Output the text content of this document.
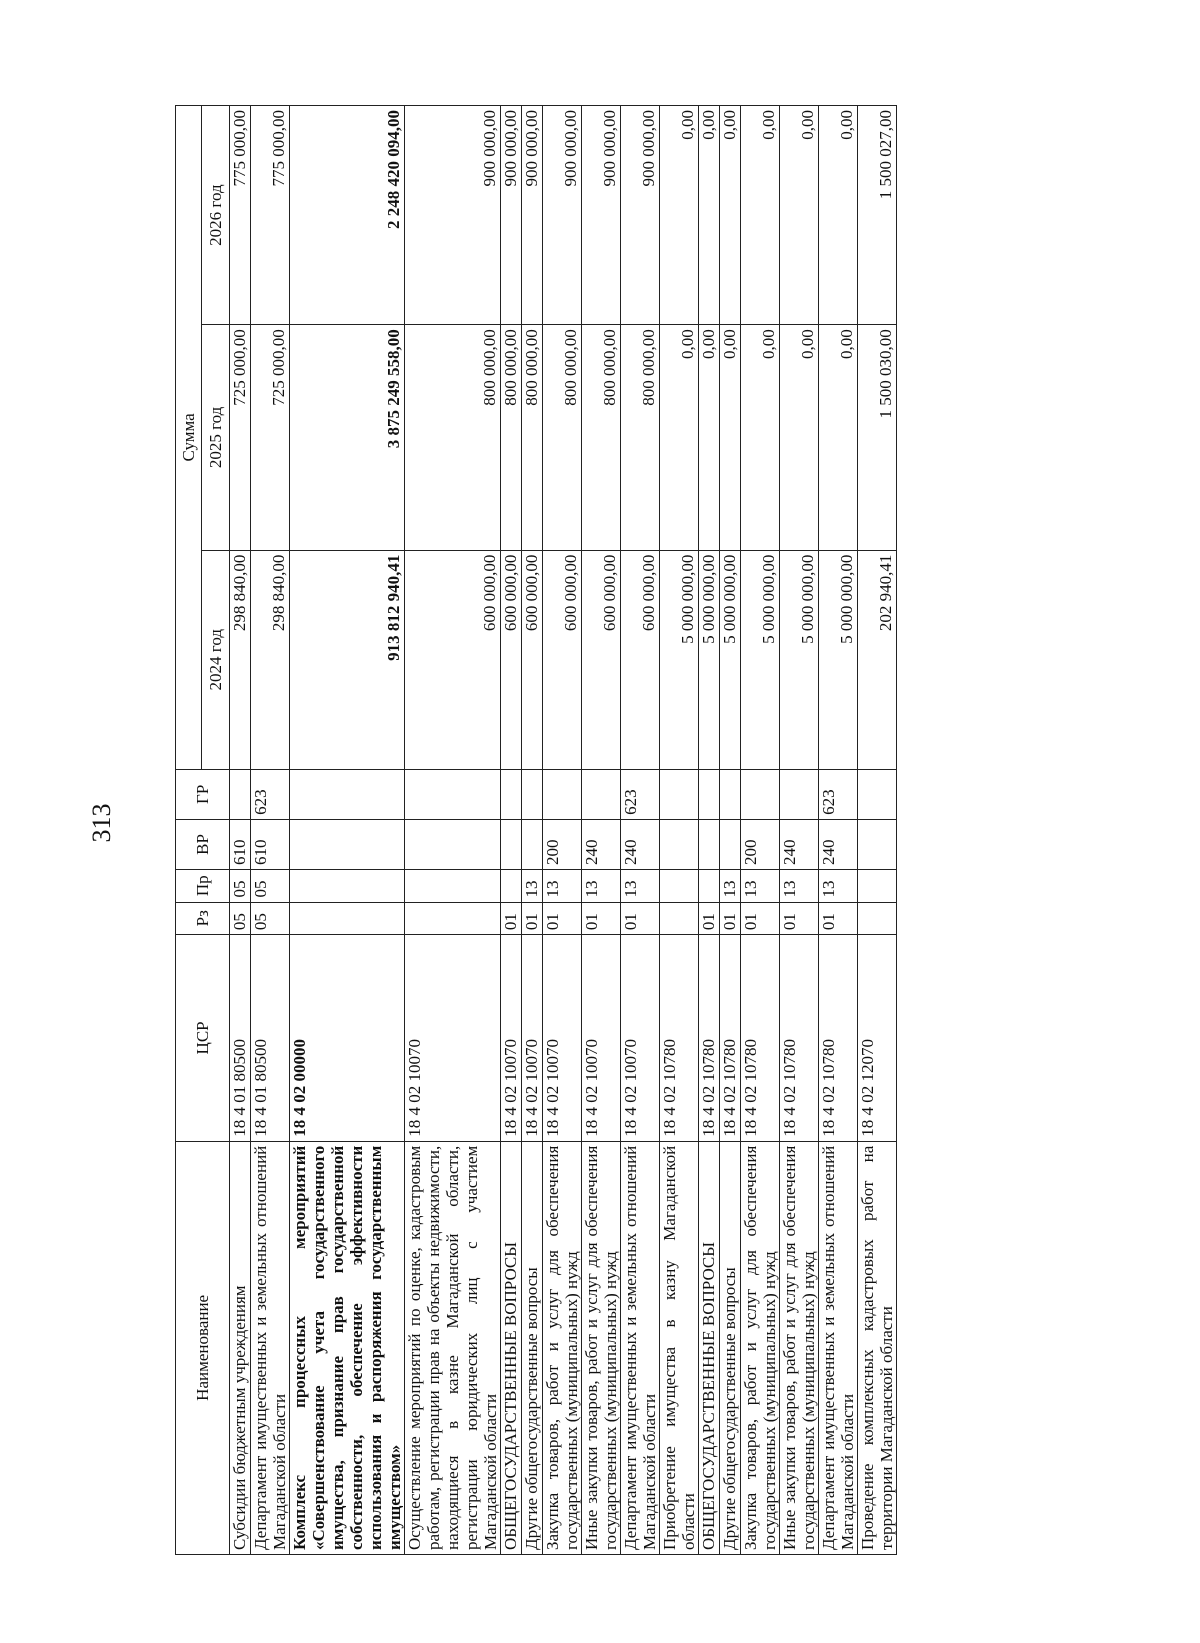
313
Наименование	ЦСР	Рз	Пр	ВР	ГР	Сумма		
						2024 год	2025 год	2026 год
Субсидии бюджетным учреждениям	18 4 01 80500	05	05	610		298 840,00	725 000,00	775 000,00
Департамент имущественных и земельных отношений Магаданской области	18 4 01 80500	05	05	610	623	298 840,00	725 000,00	775 000,00
Комплекс процессных мероприятий «Совершенствование учета государственного имущества, признание прав государственной собственности, обеспечение эффективности использования и распоряжения государственным имуществом»	18 4 02 00000					913 812 940,41	3 875 249 558,00	2 248 420 094,00
Осуществление мероприятий по оценке, кадастровым работам, регистрации прав на объекты недвижимости, находящиеся в казне Магаданской области, регистрации юридических лиц с участием Магаданской области	18 4 02 10070					600 000,00	800 000,00	900 000,00
ОБЩЕГОСУДАРСТВЕННЫЕ ВОПРОСЫ	18 4 02 10070	01				600 000,00	800 000,00	900 000,00
Другие общегосударственные вопросы	18 4 02 10070	01	13			600 000,00	800 000,00	900 000,00
Закупка товаров, работ и услуг для обеспечения государственных (муниципальных) нужд	18 4 02 10070	01	13	200		600 000,00	800 000,00	900 000,00
Иные закупки товаров, работ и услуг для обеспечения государственных (муниципальных) нужд	18 4 02 10070	01	13	240		600 000,00	800 000,00	900 000,00
Департамент имущественных и земельных отношений Магаданской области	18 4 02 10070	01	13	240	623	600 000,00	800 000,00	900 000,00
Приобретение имущества в казну Магаданской области	18 4 02 10780					5 000 000,00	0,00	0,00
ОБЩЕГОСУДАРСТВЕННЫЕ ВОПРОСЫ	18 4 02 10780	01				5 000 000,00	0,00	0,00
Другие общегосударственные вопросы	18 4 02 10780	01	13			5 000 000,00	0,00	0,00
Закупка товаров, работ и услуг для обеспечения государственных (муниципальных) нужд	18 4 02 10780	01	13	200		5 000 000,00	0,00	0,00
Иные закупки товаров, работ и услуг для обеспечения государственных (муниципальных) нужд	18 4 02 10780	01	13	240		5 000 000,00	0,00	0,00
Департамент имущественных и земельных отношений Магаданской области	18 4 02 10780	01	13	240	623	5 000 000,00	0,00	0,00
Проведение комплексных кадастровых работ на территории Магаданской области	18 4 02 12070					202 940,41	1 500 030,00	1 500 027,00
